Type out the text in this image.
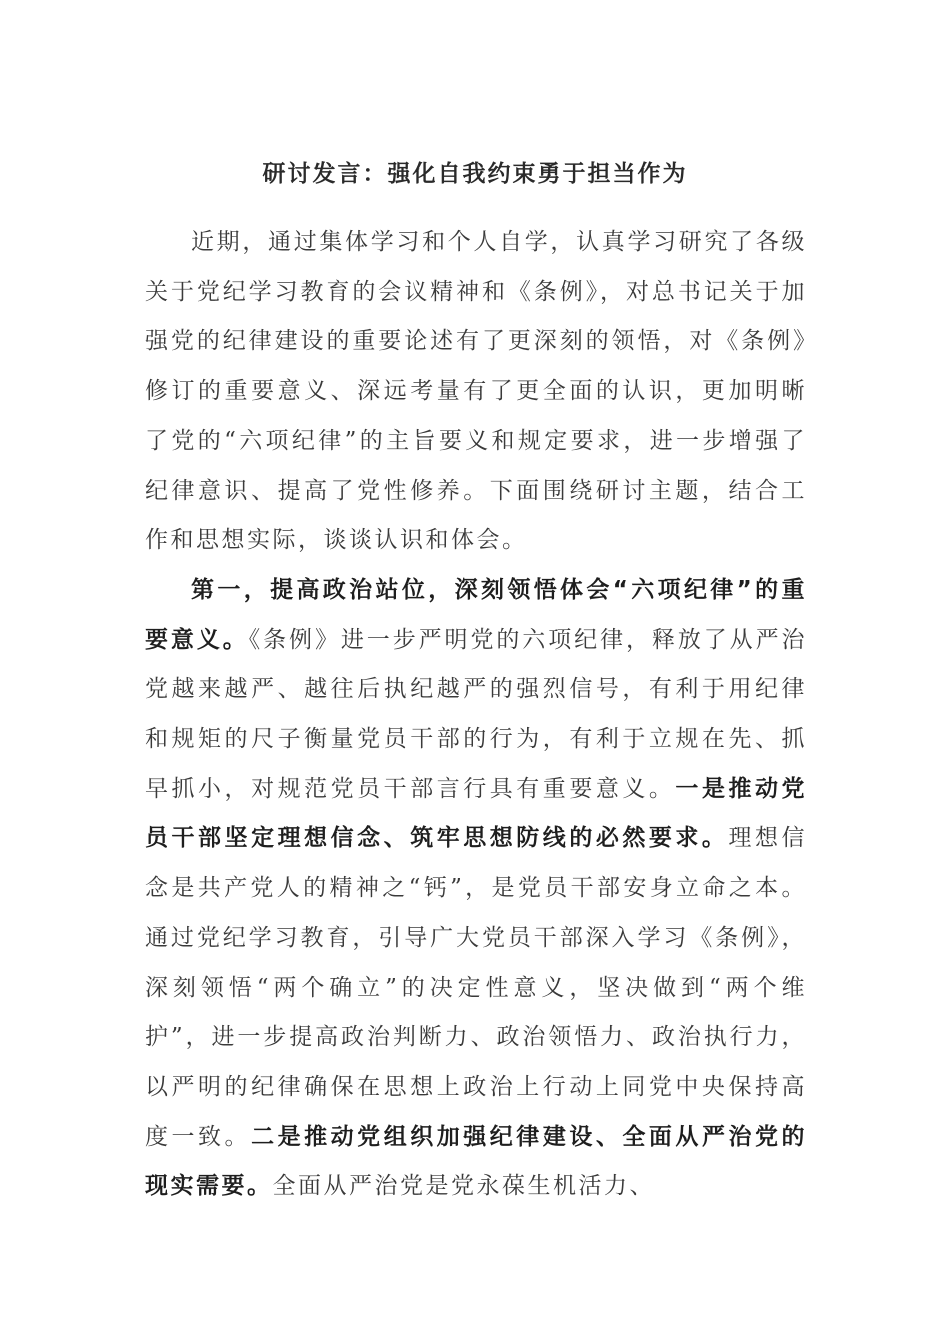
研讨发言：强化自我约束勇于担当作为

近期，通过集体学习和个人自学，认真学习研究了各级关于党纪学习教育的会议精神和《条例》，对总书记关于加强党的纪律建设的重要论述有了更深刻的领悟，对《条例》修订的重要意义、深远考量有了更全面的认识，更加明晰了党的“六项纪律”的主旨要义和规定要求，进一步增强了纪律意识、提高了党性修养。下面围绕研讨主题，结合工作和思想实际，谈谈认识和体会。

第一，提高政治站位，深刻领悟体会“六项纪律”的重要意义。《条例》进一步严明党的六项纪律，释放了从严治党越来越严、越往后执纪越严的强烈信号，有利于用纪律和规矩的尺子衡量党员干部的行为，有利于立规在先、抓早抓小，对规范党员干部言行具有重要意义。一是推动党员干部坚定理想信念、筑牢思想防线的必然要求。理想信念是共产党人的精神之“钙”，是党员干部安身立命之本。通过党纪学习教育，引导广大党员干部深入学习《条例》，深刻领悟“两个确立”的决定性意义，坚决做到“两个维护”，进一步提高政治判断力、政治领悟力、政治执行力，以严明的纪律确保在思想上政治上行动上同党中央保持高度一致。二是推动党组织加强纪律建设、全面从严治党的现实需要。全面从严治党是党永葆生机活力、
